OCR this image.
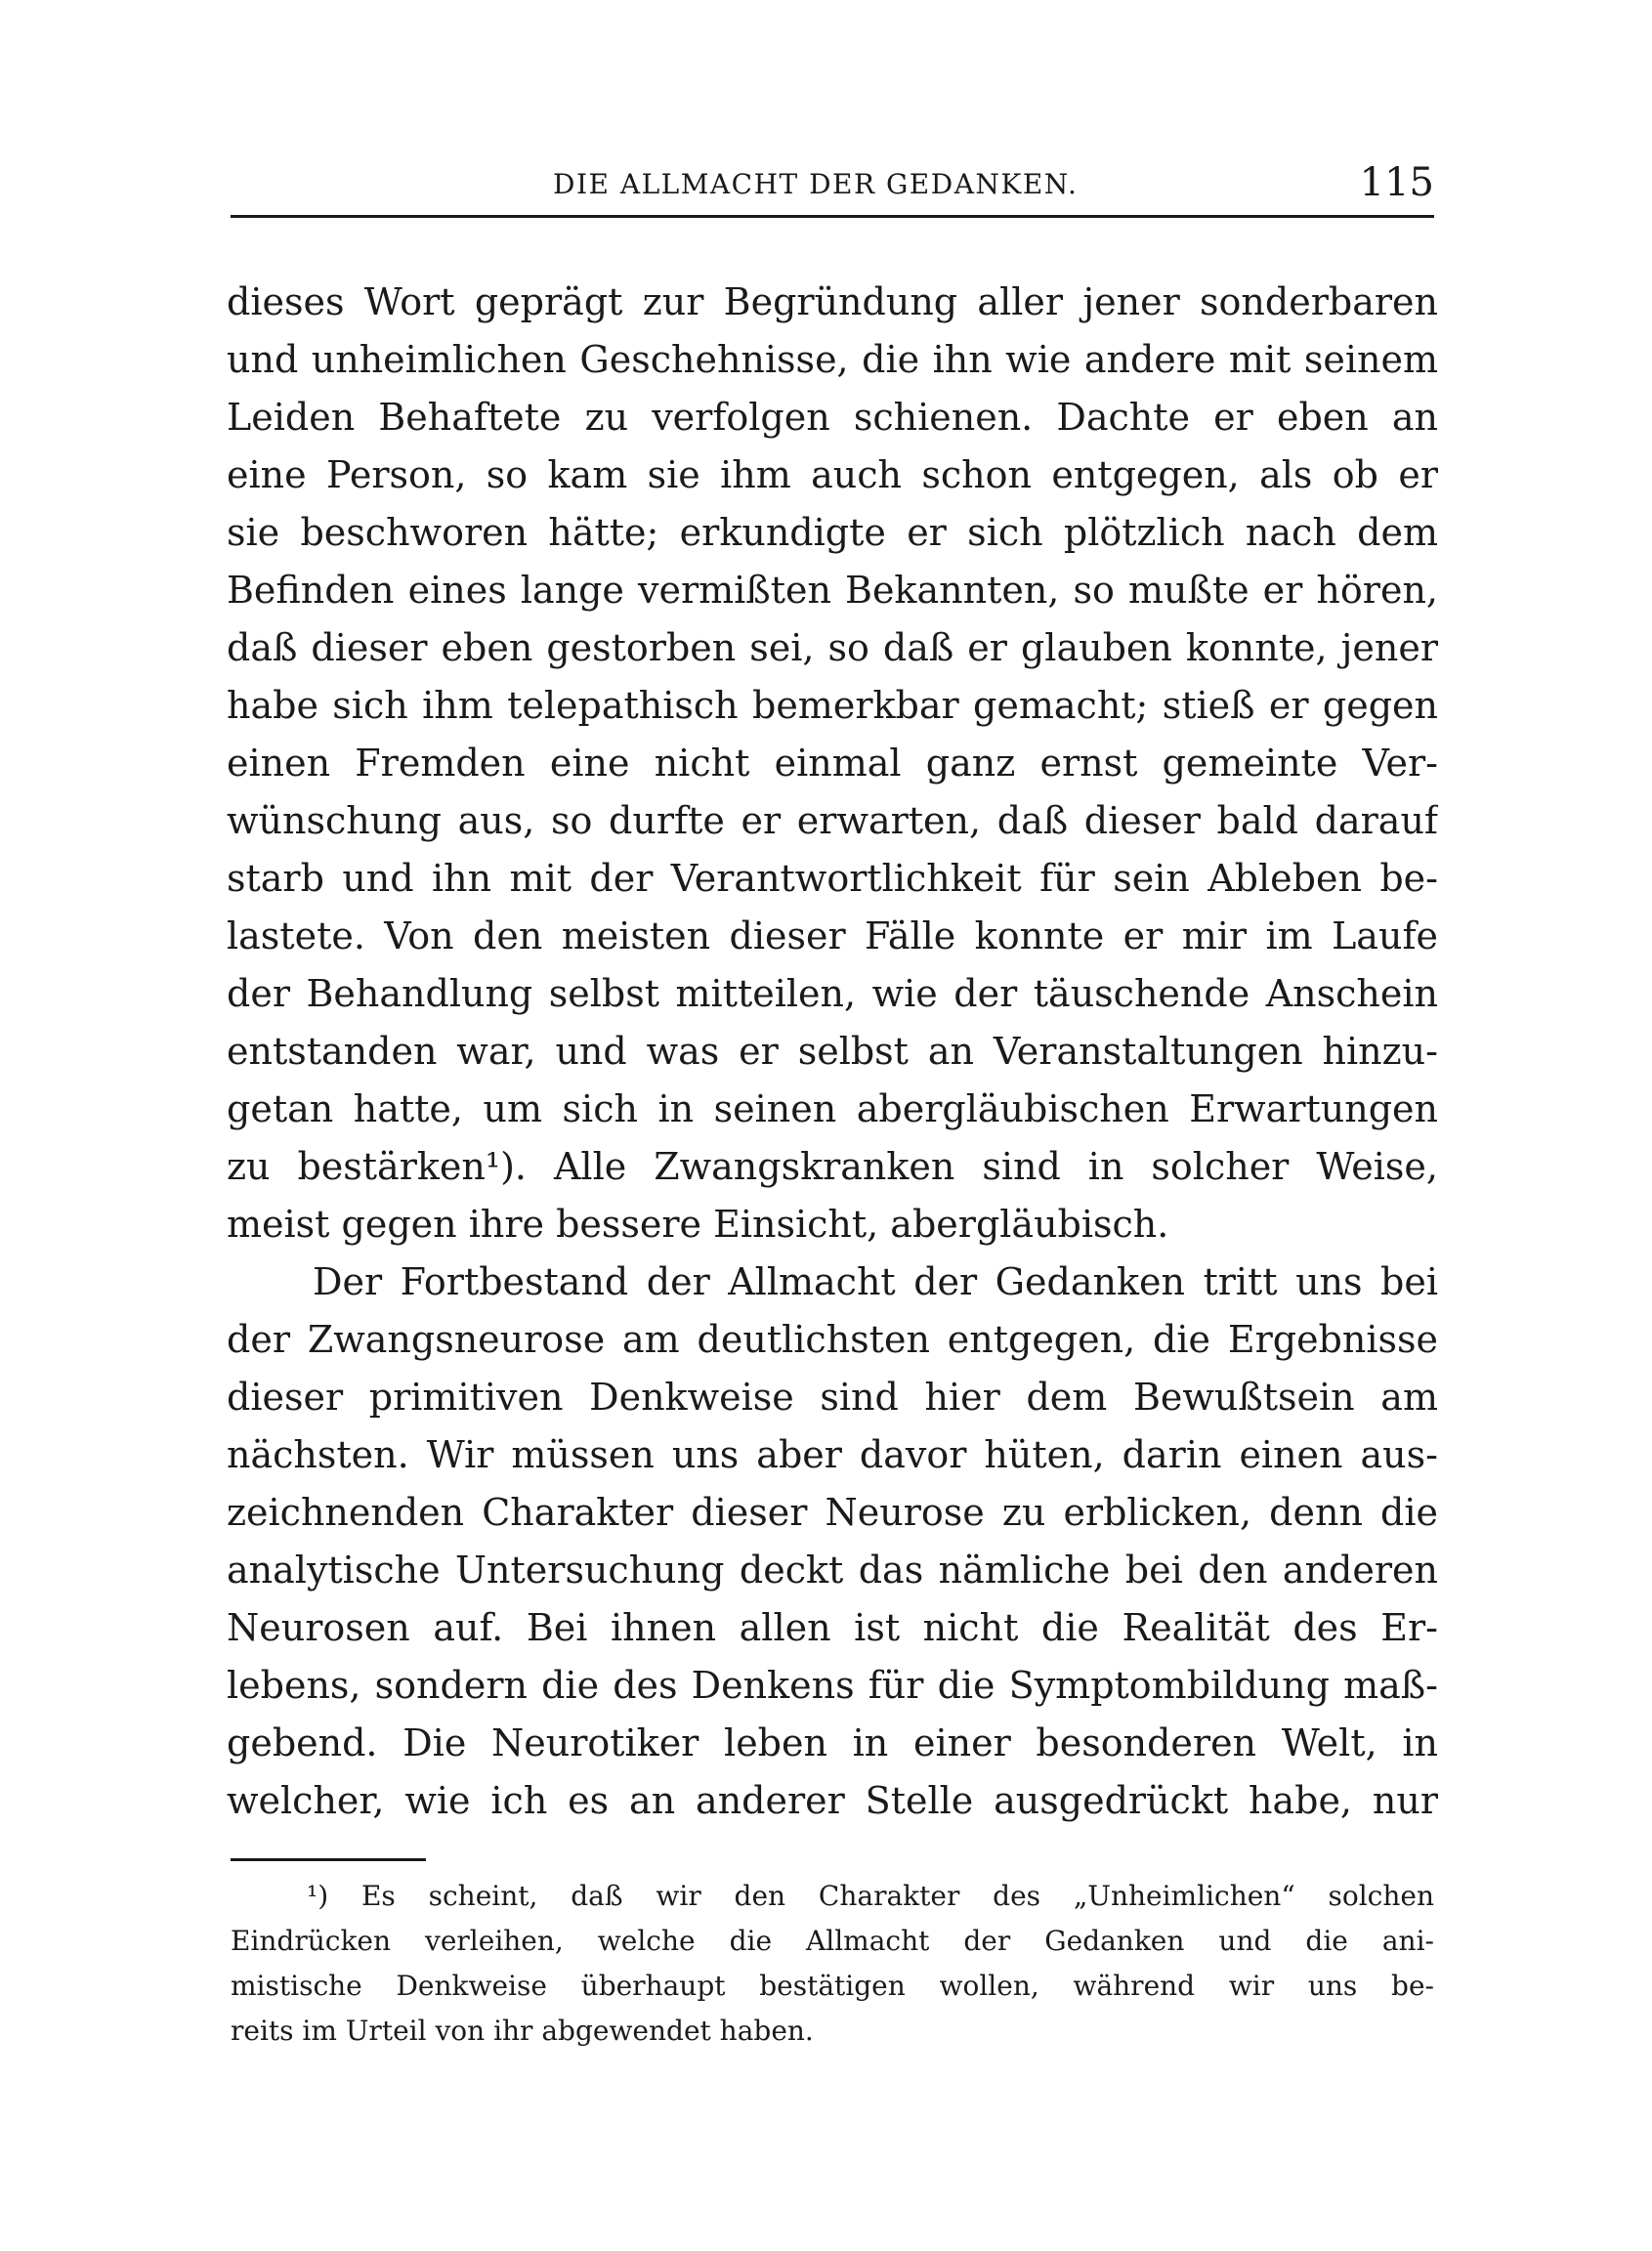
DIE ALLMACHT DER GEDANKEN.	115
dieses Wort geprägt zur Begründung aller jener sonderbaren
und unheimlichen Geschehnisse, die ihn wie andere mit seinem
Leiden Behaftete zu verfolgen schienen. Dachte er eben an
eine Person, so kam sie ihm auch schon entgegen, als ob er
sie beschworen hätte; erkundigte er sich plötzlich nach dem
Befinden eines lange vermißten Bekannten, so mußte er hören,
daß dieser eben gestorben sei, so daß er glauben konnte, jener
habe sich ihm telepathisch bemerkbar gemacht; stieß er gegen
einen Fremden eine nicht einmal ganz ernst gemeinte Ver-
wünschung aus, so durfte er erwarten, daß dieser bald darauf
starb und ihn mit der Verantwortlichkeit für sein Ableben be-
lastete. Von den meisten dieser Fälle konnte er mir im Laufe
der Behandlung selbst mitteilen, wie der täuschende Anschein
entstanden war, und was er selbst an Veranstaltungen hinzu-
getan hatte, um sich in seinen abergläubischen Erwartungen
zu bestärken¹). Alle Zwangskranken sind in solcher Weise,
meist gegen ihre bessere Einsicht, abergläubisch.
Der Fortbestand der Allmacht der Gedanken tritt uns bei
der Zwangsneurose am deutlichsten entgegen, die Ergebnisse
dieser primitiven Denkweise sind hier dem Bewußtsein am
nächsten. Wir müssen uns aber davor hüten, darin einen aus-
zeichnenden Charakter dieser Neurose zu erblicken, denn die
analytische Untersuchung deckt das nämliche bei den anderen
Neurosen auf. Bei ihnen allen ist nicht die Realität des Er-
lebens, sondern die des Denkens für die Symptombildung maß-
gebend. Die Neurotiker leben in einer besonderen Welt, in
welcher, wie ich es an anderer Stelle ausgedrückt habe, nur
¹) Es scheint, daß wir den Charakter des „Unheimlichen“ solchen
Eindrücken verleihen, welche die Allmacht der Gedanken und die ani-
mistische Denkweise überhaupt bestätigen wollen, während wir uns be-
reits im Urteil von ihr abgewendet haben.
